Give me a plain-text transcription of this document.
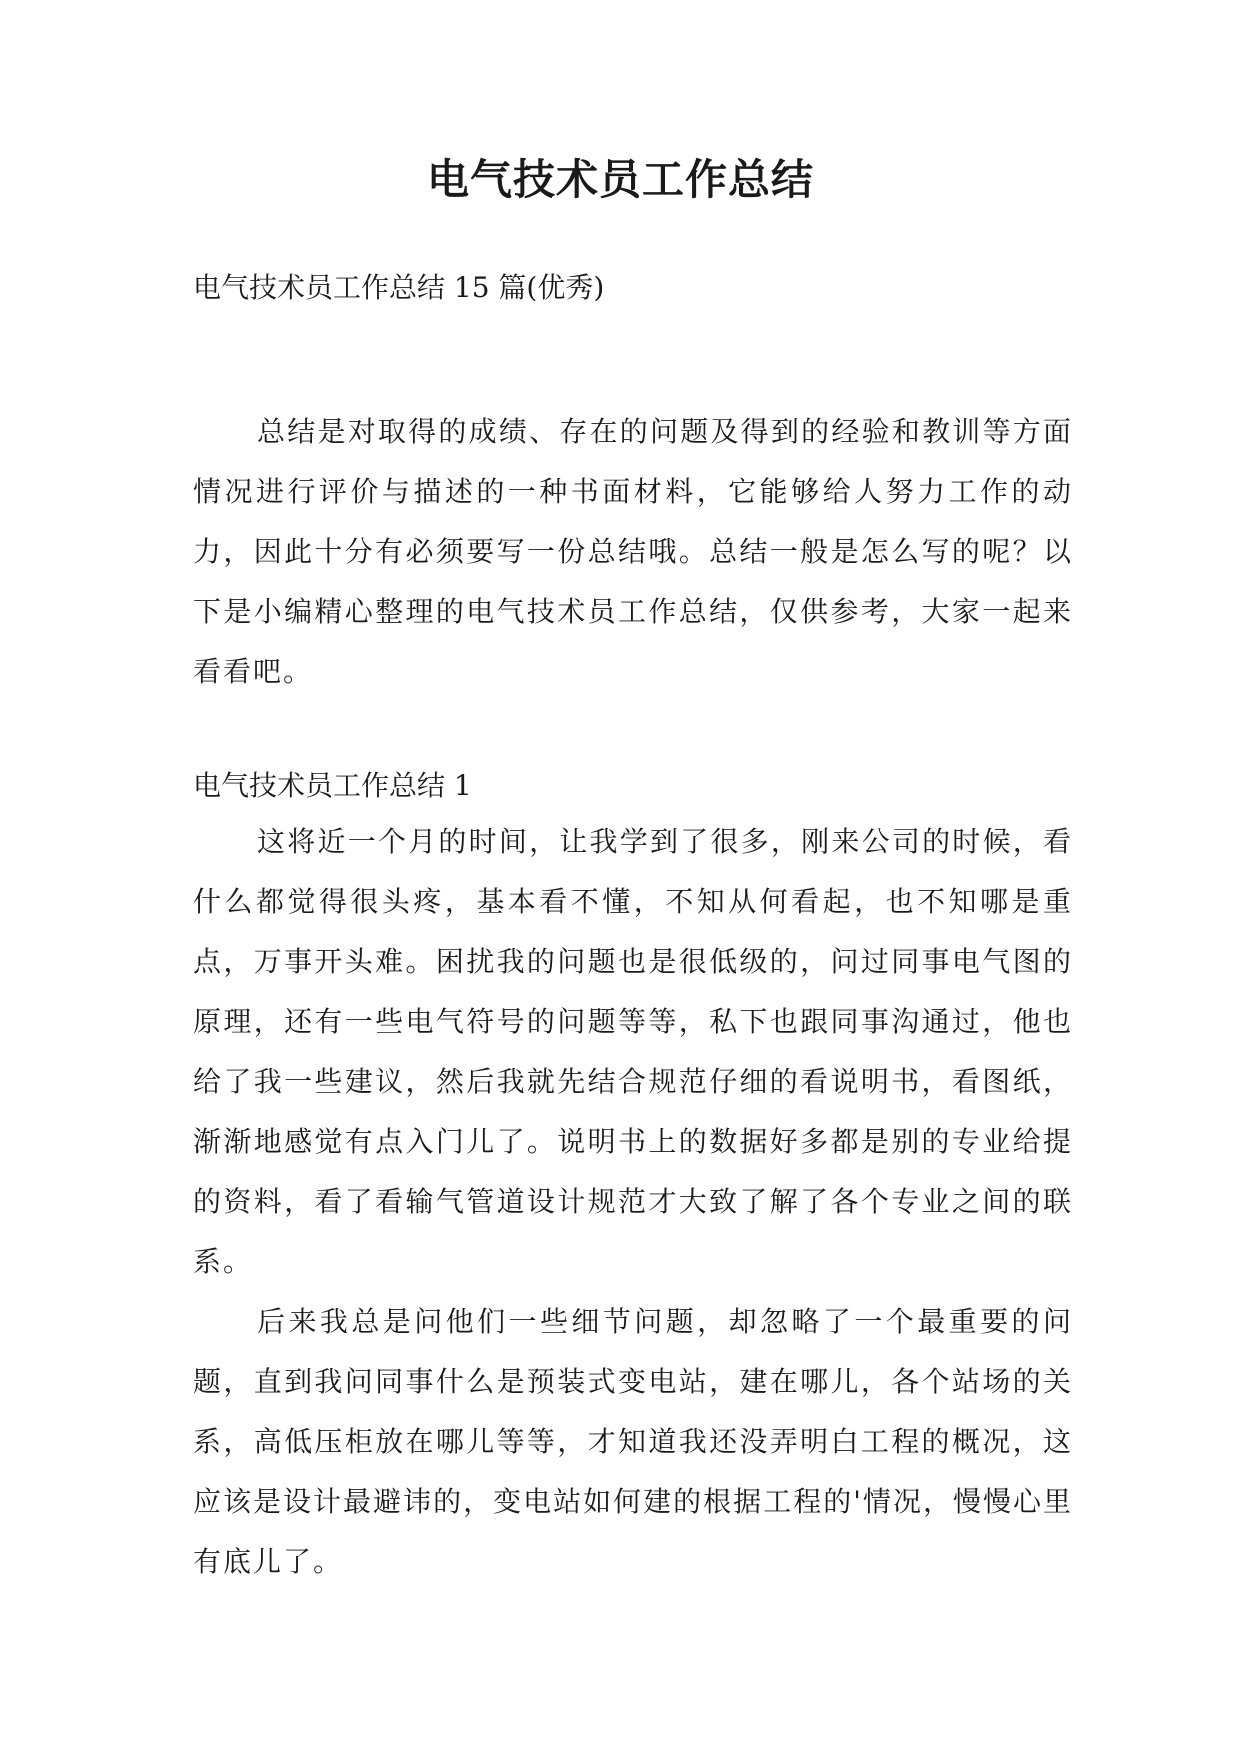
电气技术员工作总结

电气技术员工作总结 15 篇(优秀)

总结是对取得的成绩、存在的问题及得到的经验和教训等方面情况进行评价与描述的一种书面材料，它能够给人努力工作的动力，因此十分有必须要写一份总结哦。总结一般是怎么写的呢？以下是小编精心整理的电气技术员工作总结，仅供参考，大家一起来看看吧。

电气技术员工作总结 1

这将近一个月的时间，让我学到了很多，刚来公司的时候，看什么都觉得很头疼，基本看不懂，不知从何看起，也不知哪是重点，万事开头难。困扰我的问题也是很低级的，问过同事电气图的原理，还有一些电气符号的问题等等，私下也跟同事沟通过，他也给了我一些建议，然后我就先结合规范仔细的看说明书，看图纸，渐渐地感觉有点入门儿了。说明书上的数据好多都是别的专业给提的资料，看了看输气管道设计规范才大致了解了各个专业之间的联系。

后来我总是问他们一些细节问题，却忽略了一个最重要的问题，直到我问同事什么是预装式变电站，建在哪儿，各个站场的关系，高低压柜放在哪儿等等，才知道我还没弄明白工程的概况，这应该是设计最避讳的，变电站如何建的根据工程的'情况，慢慢心里有底儿了。
